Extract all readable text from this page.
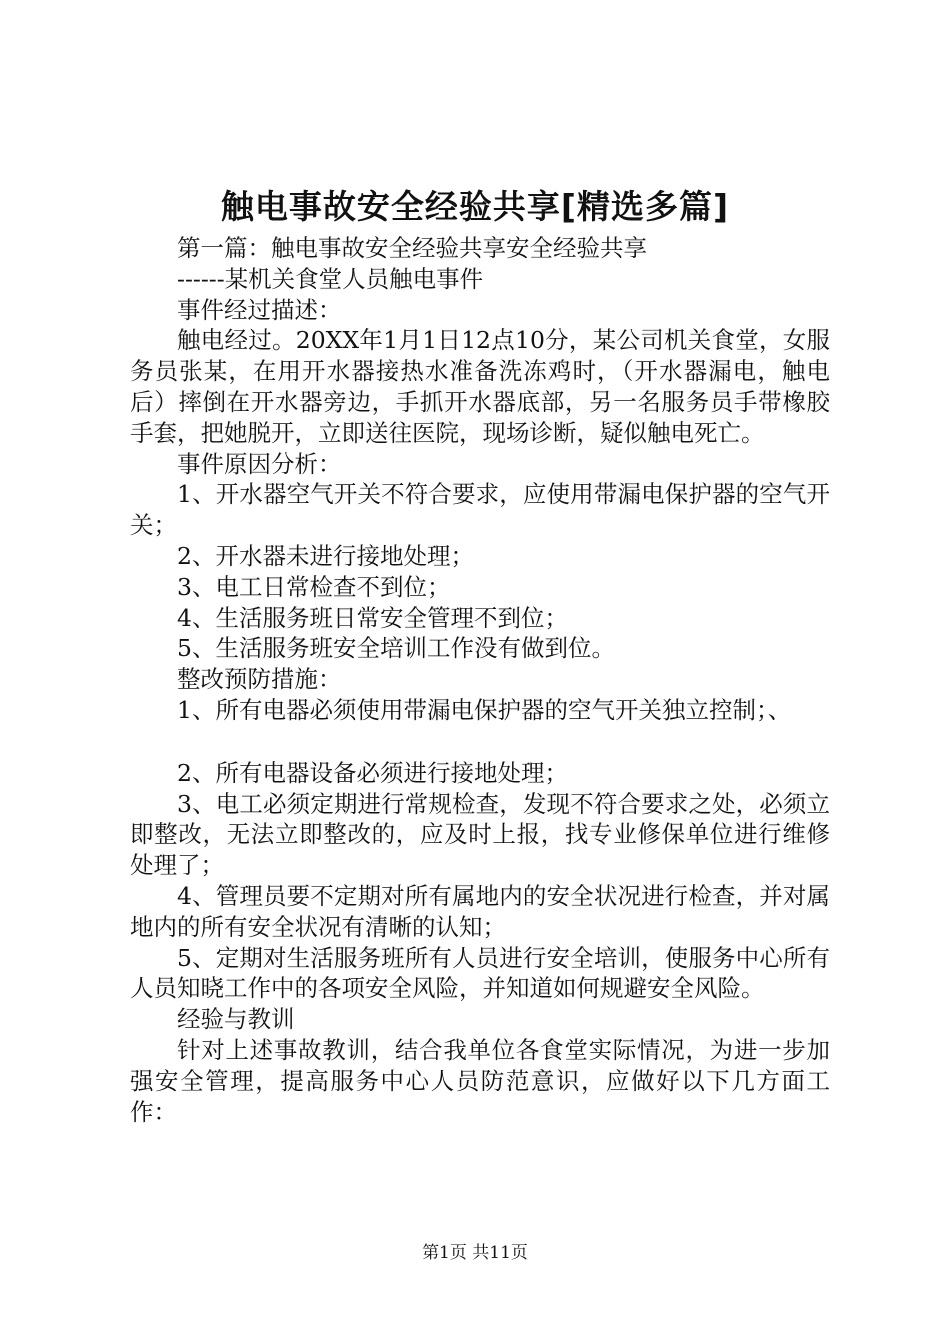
触电事故安全经验共享[精选多篇]

第一篇：触电事故安全经验共享安全经验共享

------某机关食堂人员触电事件

事件经过描述：

触电经过。20XX年1月1日12点10分，某公司机关食堂，女服务员张某，在用开水器接热水准备洗冻鸡时，（开水器漏电，触电后）摔倒在开水器旁边，手抓开水器底部，另一名服务员手带橡胶手套，把她脱开，立即送往医院，现场诊断，疑似触电死亡。

事件原因分析：

1、开水器空气开关不符合要求，应使用带漏电保护器的空气开关；

2、开水器未进行接地处理；

3、电工日常检查不到位；

4、生活服务班日常安全管理不到位；

5、生活服务班安全培训工作没有做到位。

整改预防措施：

1、所有电器必须使用带漏电保护器的空气开关独立控制；、

2、所有电器设备必须进行接地处理；

3、电工必须定期进行常规检查，发现不符合要求之处，必须立即整改，无法立即整改的，应及时上报，找专业修保单位进行维修处理了；

4、管理员要不定期对所有属地内的安全状况进行检查，并对属地内的所有安全状况有清晰的认知；

5、定期对生活服务班所有人员进行安全培训，使服务中心所有人员知晓工作中的各项安全风险，并知道如何规避安全风险。

经验与教训

针对上述事故教训，结合我单位各食堂实际情况，为进一步加强安全管理，提高服务中心人员防范意识，应做好以下几方面工作：

第1页 共11页
